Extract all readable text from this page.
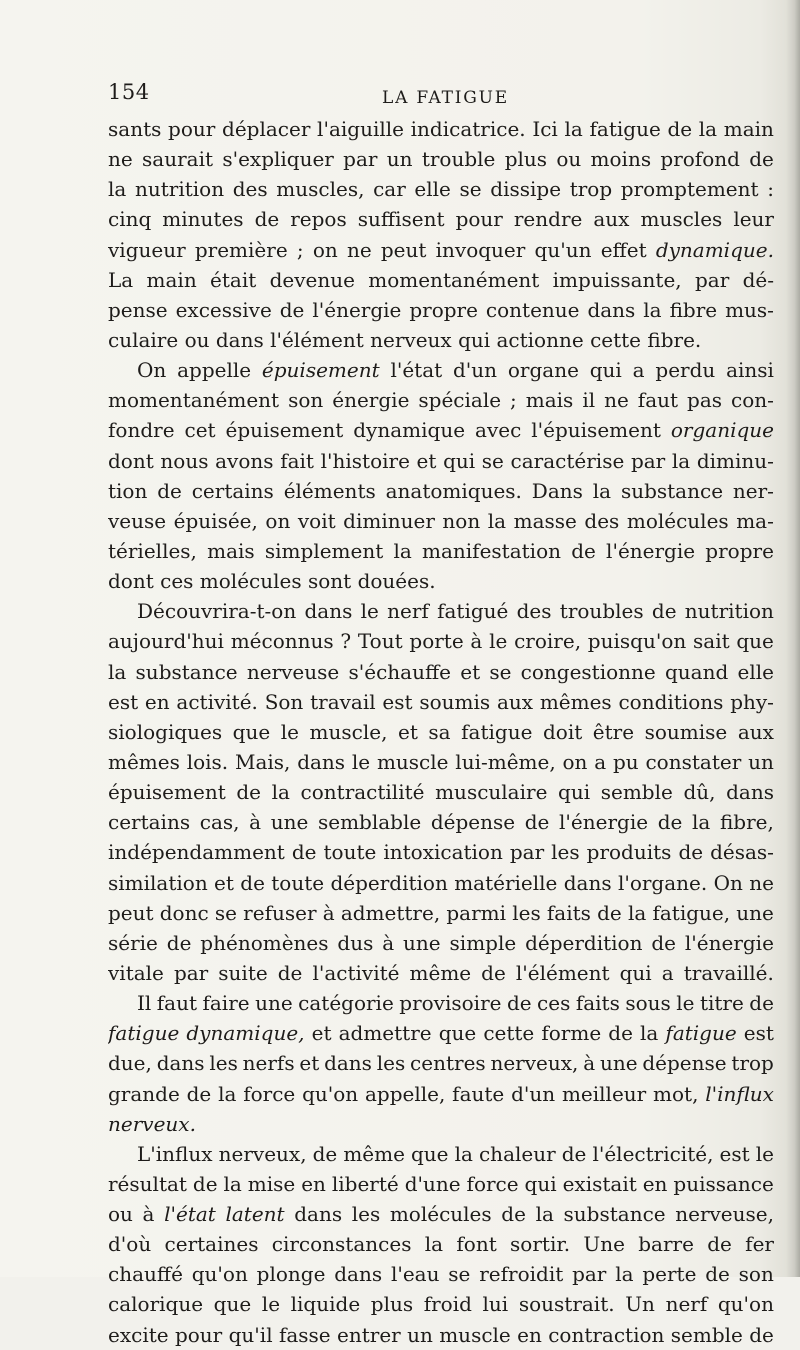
154	LA FATIGUE
sants pour déplacer l'aiguille indicatrice. Ici la fatigue de la main
ne saurait s'expliquer par un trouble plus ou moins profond de
la nutrition des muscles, car elle se dissipe trop promptement :
cinq minutes de repos suffisent pour rendre aux muscles leur
vigueur première ; on ne peut invoquer qu'un effet dynamique.
La main était devenue momentanément impuissante, par dé-
pense excessive de l'énergie propre contenue dans la fibre mus-
culaire ou dans l'élément nerveux qui actionne cette fibre.
On appelle épuisement l'état d'un organe qui a perdu ainsi
momentanément son énergie spéciale ; mais il ne faut pas con-
fondre cet épuisement dynamique avec l'épuisement organique
dont nous avons fait l'histoire et qui se caractérise par la diminu-
tion de certains éléments anatomiques. Dans la substance ner-
veuse épuisée, on voit diminuer non la masse des molécules ma-
térielles, mais simplement la manifestation de l'énergie propre
dont ces molécules sont douées.
Découvrira-t-on dans le nerf fatigué des troubles de nutrition
aujourd'hui méconnus ? Tout porte à le croire, puisqu'on sait que
la substance nerveuse s'échauffe et se congestionne quand elle
est en activité. Son travail est soumis aux mêmes conditions phy-
siologiques que le muscle, et sa fatigue doit être soumise aux
mêmes lois. Mais, dans le muscle lui-même, on a pu constater un
épuisement de la contractilité musculaire qui semble dû, dans
certains cas, à une semblable dépense de l'énergie de la fibre,
indépendamment de toute intoxication par les produits de désas-
similation et de toute déperdition matérielle dans l'organe. On ne
peut donc se refuser à admettre, parmi les faits de la fatigue, une
série de phénomènes dus à une simple déperdition de l'énergie
vitale par suite de l'activité même de l'élément qui a travaillé.
Il faut faire une catégorie provisoire de ces faits sous le titre de
fatigue dynamique, et admettre que cette forme de la fatigue est
due, dans les nerfs et dans les centres nerveux, à une dépense trop
grande de la force qu'on appelle, faute d'un meilleur mot, l'influx
nerveux.
L'influx nerveux, de même que la chaleur de l'électricité, est le
résultat de la mise en liberté d'une force qui existait en puissance
ou à l'état latent dans les molécules de la substance nerveuse,
d'où certaines circonstances la font sortir. Une barre de fer
chauffé qu'on plonge dans l'eau se refroidit par la perte de son
calorique que le liquide plus froid lui soustrait. Un nerf qu'on
excite pour qu'il fasse entrer un muscle en contraction semble de
